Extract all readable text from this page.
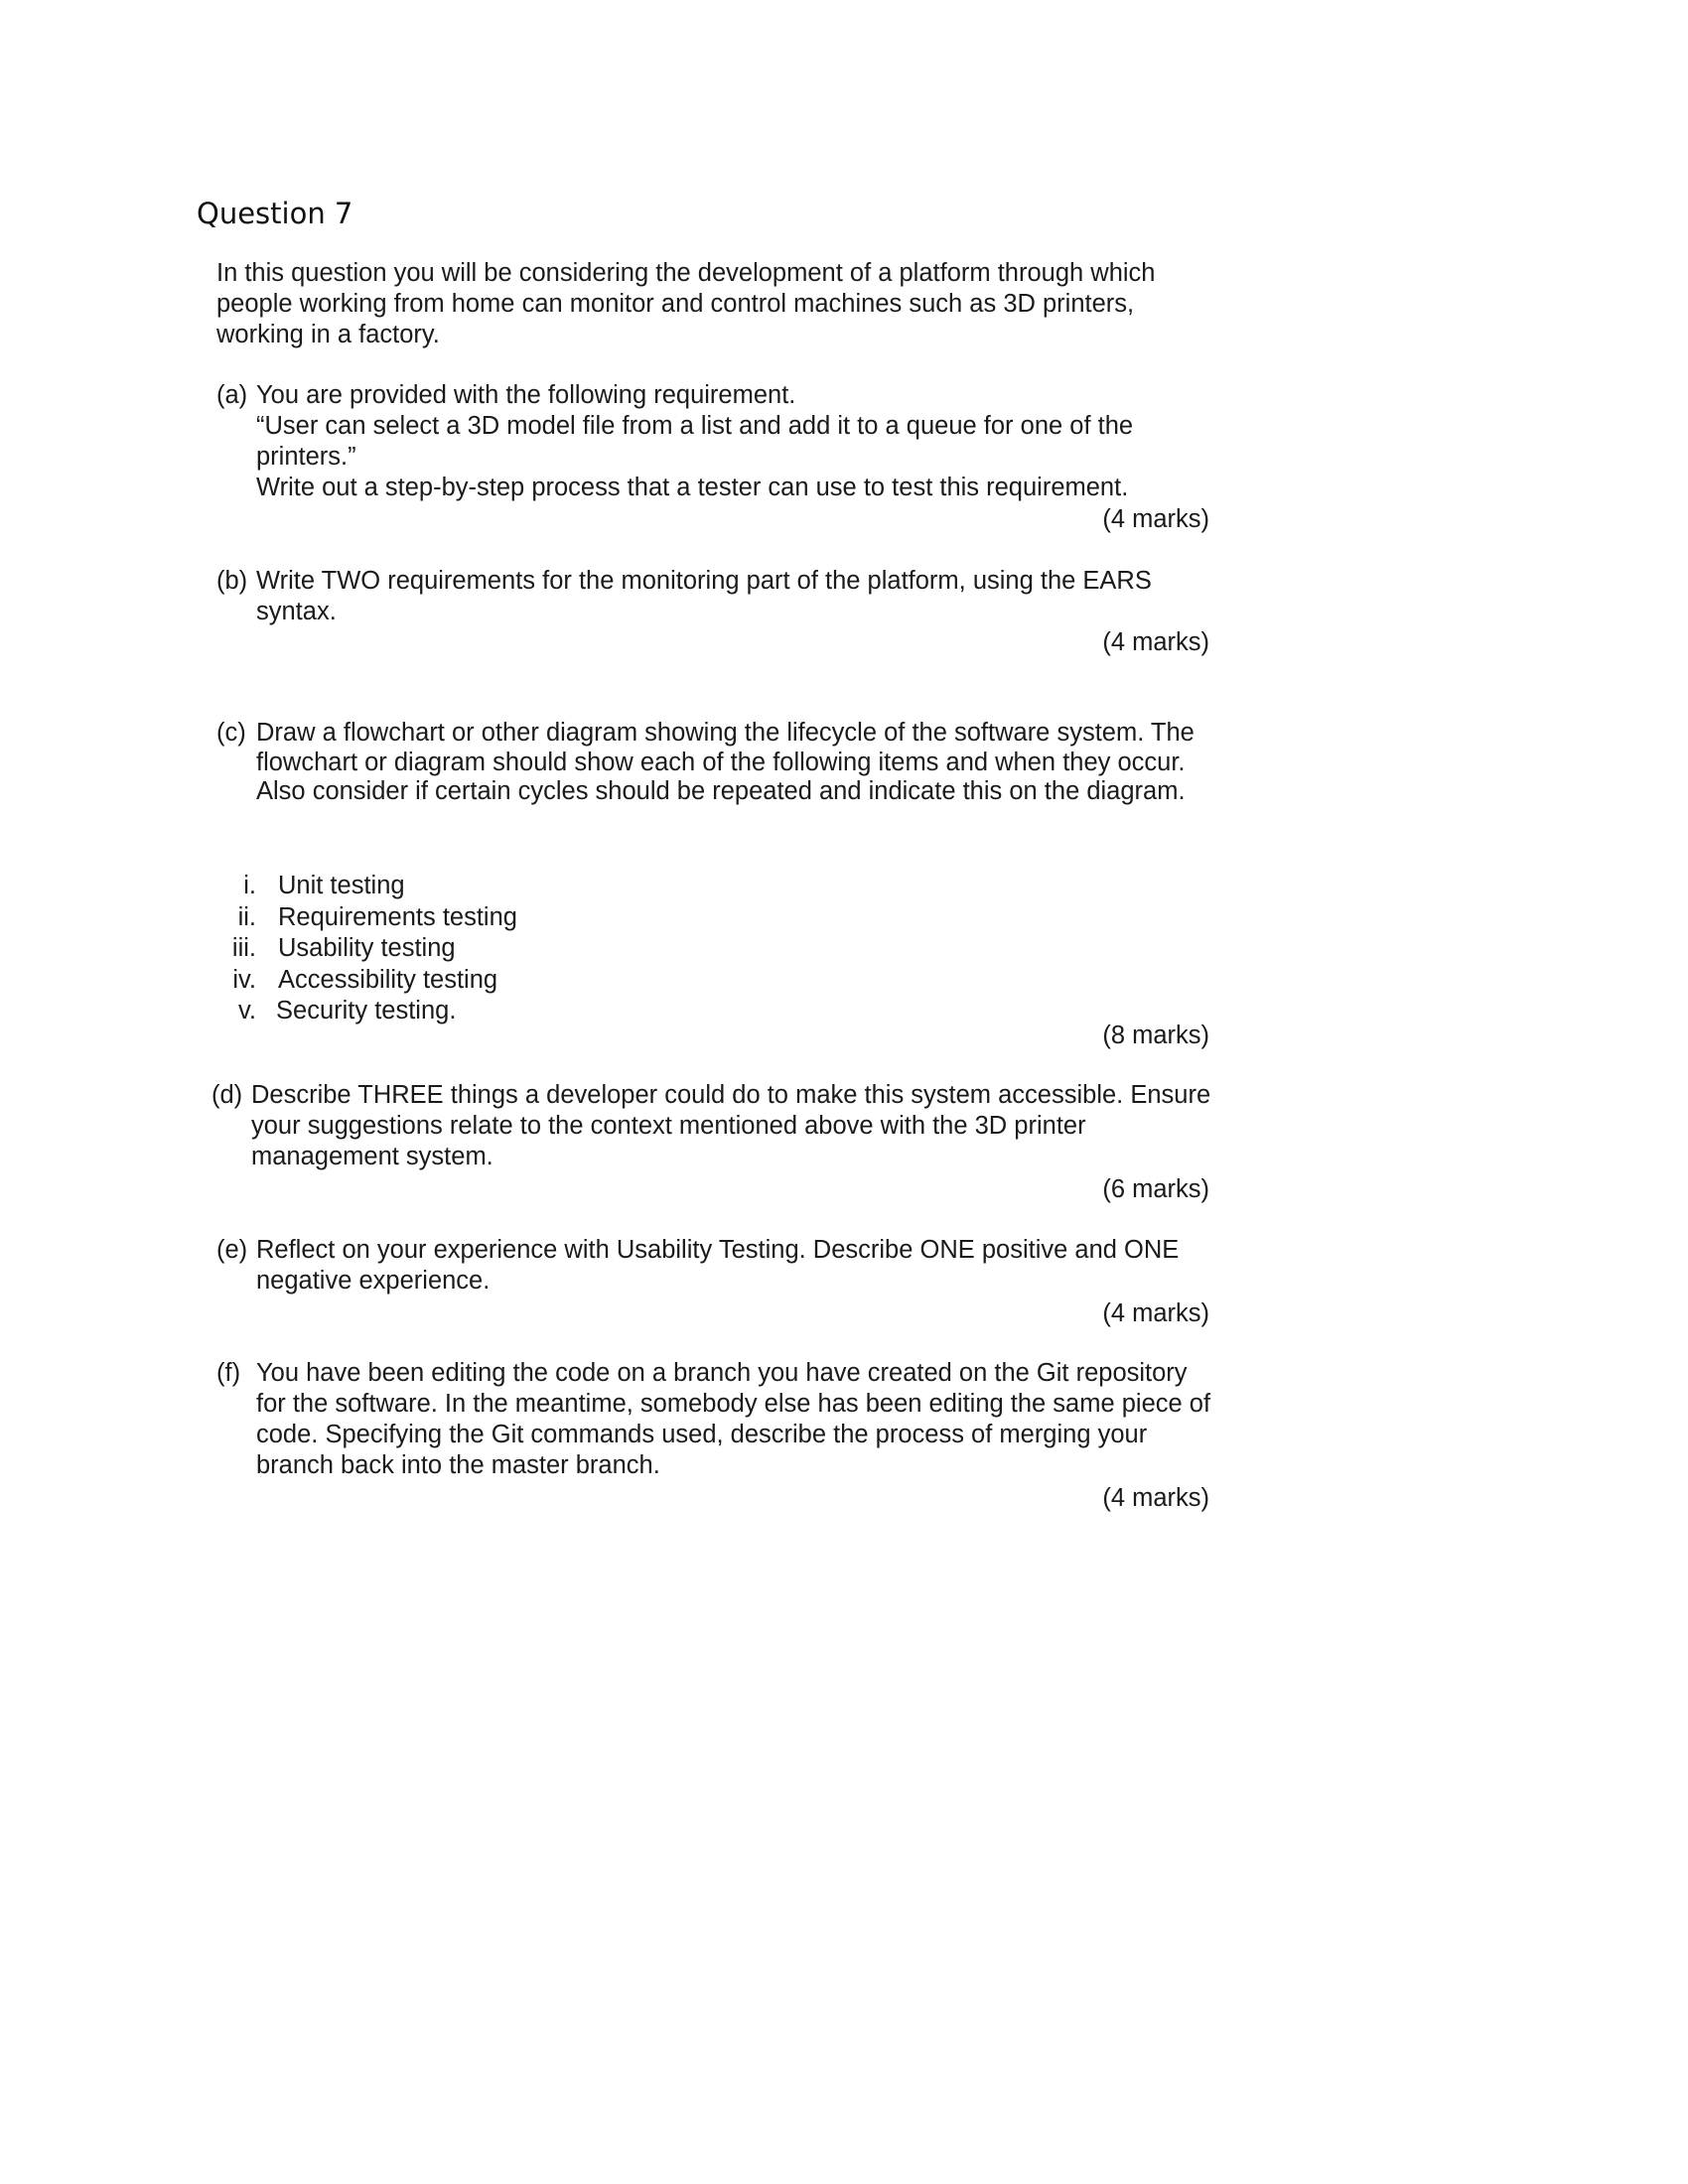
Question 7
In this question you will be considering the development of a platform through which
people working from home can monitor and control machines such as 3D printers,
working in a factory.
(a) You are provided with the following requirement.
“User can select a 3D model file from a list and add it to a queue for one of the
printers.”
Write out a step-by-step process that a tester can use to test this requirement.
(4 marks)
(b) Write TWO requirements for the monitoring part of the platform, using the EARS
syntax.
(4 marks)
(c) Draw a flowchart or other diagram showing the lifecycle of the software system. The
flowchart or diagram should show each of the following items and when they occur.
Also consider if certain cycles should be repeated and indicate this on the diagram.
i. Unit testing
ii. Requirements testing
iii. Usability testing
iv. Accessibility testing
v. Security testing.
(8 marks)
(d) Describe THREE things a developer could do to make this system accessible. Ensure
your suggestions relate to the context mentioned above with the 3D printer
management system.
(6 marks)
(e) Reflect on your experience with Usability Testing. Describe ONE positive and ONE
negative experience.
(4 marks)
(f) You have been editing the code on a branch you have created on the Git repository
for the software. In the meantime, somebody else has been editing the same piece of
code. Specifying the Git commands used, describe the process of merging your
branch back into the master branch.
(4 marks)
